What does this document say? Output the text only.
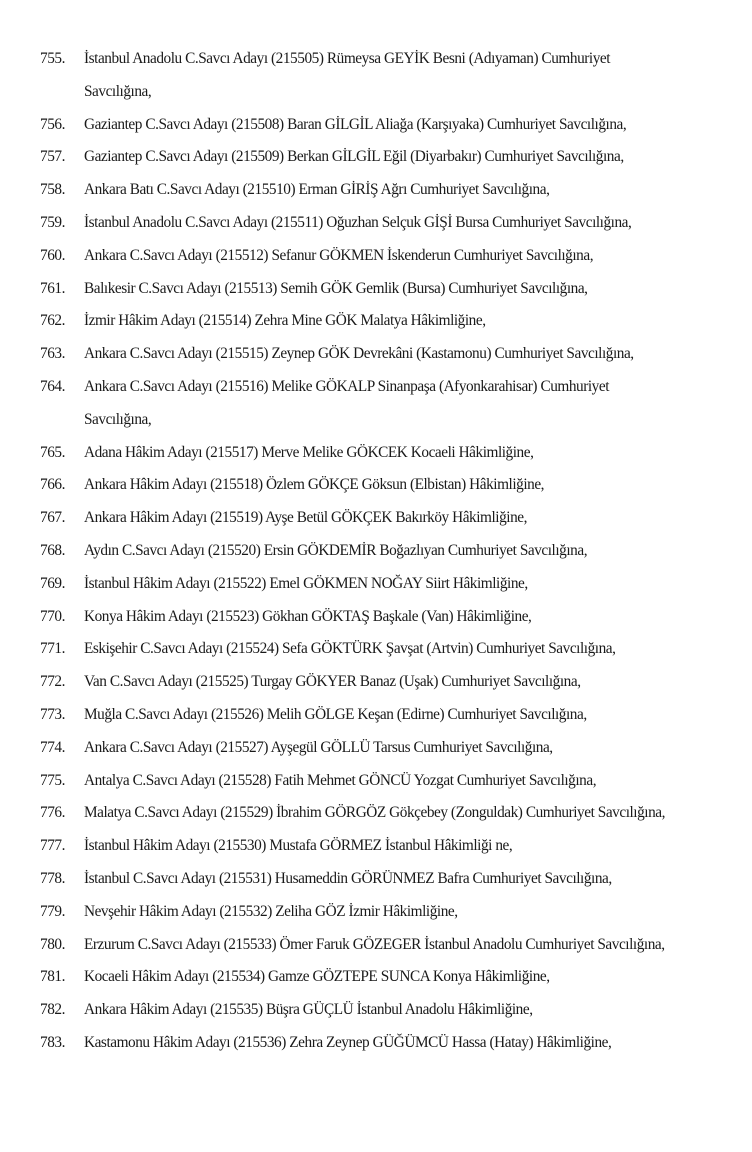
755.	İstanbul Anadolu C.Savcı Adayı (215505) Rümeysa GEYİK Besni (Adıyaman) Cumhuriyet Savcılığına,
756.	Gaziantep C.Savcı Adayı (215508) Baran GİLGİL Aliağa (Karşıyaka) Cumhuriyet Savcılığına,
757.	Gaziantep C.Savcı Adayı (215509) Berkan GİLGİL Eğil (Diyarbakır) Cumhuriyet Savcılığına,
758.	Ankara Batı C.Savcı Adayı (215510) Erman GİRİŞ Ağrı Cumhuriyet Savcılığına,
759.	İstanbul Anadolu C.Savcı Adayı (215511) Oğuzhan Selçuk GİŞİ Bursa Cumhuriyet Savcılığına,
760.	Ankara C.Savcı Adayı (215512) Sefanur GÖKMEN İskenderun Cumhuriyet Savcılığına,
761.	Balıkesir C.Savcı Adayı (215513) Semih GÖK Gemlik (Bursa) Cumhuriyet Savcılığına,
762.	İzmir Hâkim Adayı (215514) Zehra Mine GÖK Malatya Hâkimliğine,
763.	Ankara C.Savcı Adayı (215515) Zeynep GÖK Devrekâni (Kastamonu) Cumhuriyet Savcılığına,
764.	Ankara C.Savcı Adayı (215516) Melike GÖKALP Sinanpaşa (Afyonkarahisar) Cumhuriyet Savcılığına,
765.	Adana Hâkim Adayı (215517) Merve Melike GÖKCEK Kocaeli Hâkimliğine,
766.	Ankara Hâkim Adayı (215518) Özlem GÖKÇE Göksun (Elbistan) Hâkimliğine,
767.	Ankara Hâkim Adayı (215519) Ayşe Betül GÖKÇEK Bakırköy Hâkimliğine,
768.	Aydın C.Savcı Adayı (215520) Ersin GÖKDEMİR Boğazlıyan Cumhuriyet Savcılığına,
769.	İstanbul Hâkim Adayı (215522) Emel GÖKMEN NOĞAY Siirt Hâkimliğine,
770.	Konya Hâkim Adayı (215523) Gökhan GÖKTAŞ Başkale (Van) Hâkimliğine,
771.	Eskişehir C.Savcı Adayı (215524) Sefa GÖKTÜRK Şavşat (Artvin) Cumhuriyet Savcılığına,
772.	Van C.Savcı Adayı (215525) Turgay GÖKYER Banaz (Uşak) Cumhuriyet Savcılığına,
773.	Muğla C.Savcı Adayı (215526) Melih GÖLGE Keşan (Edirne) Cumhuriyet Savcılığına,
774.	Ankara C.Savcı Adayı (215527) Ayşegül GÖLLÜ Tarsus Cumhuriyet Savcılığına,
775.	Antalya C.Savcı Adayı (215528) Fatih Mehmet GÖNCÜ Yozgat Cumhuriyet Savcılığına,
776.	Malatya C.Savcı Adayı (215529) İbrahim GÖRGÖZ Gökçebey (Zonguldak) Cumhuriyet Savcılığına,
777.	İstanbul Hâkim Adayı (215530) Mustafa GÖRMEZ İstanbul Hâkimliği ne,
778.	İstanbul C.Savcı Adayı (215531) Husameddin GÖRÜNMEZ Bafra Cumhuriyet Savcılığına,
779.	Nevşehir Hâkim Adayı (215532) Zeliha GÖZ İzmir Hâkimliğine,
780.	Erzurum C.Savcı Adayı (215533) Ömer Faruk GÖZEGER İstanbul Anadolu Cumhuriyet Savcılığına,
781.	Kocaeli Hâkim Adayı (215534) Gamze GÖZTEPE SUNCA Konya Hâkimliğine,
782.	Ankara Hâkim Adayı (215535) Büşra GÜÇLÜ İstanbul Anadolu Hâkimliğine,
783.	Kastamonu Hâkim Adayı (215536) Zehra Zeynep GÜĞÜMCÜ Hassa (Hatay) Hâkimliğine,
